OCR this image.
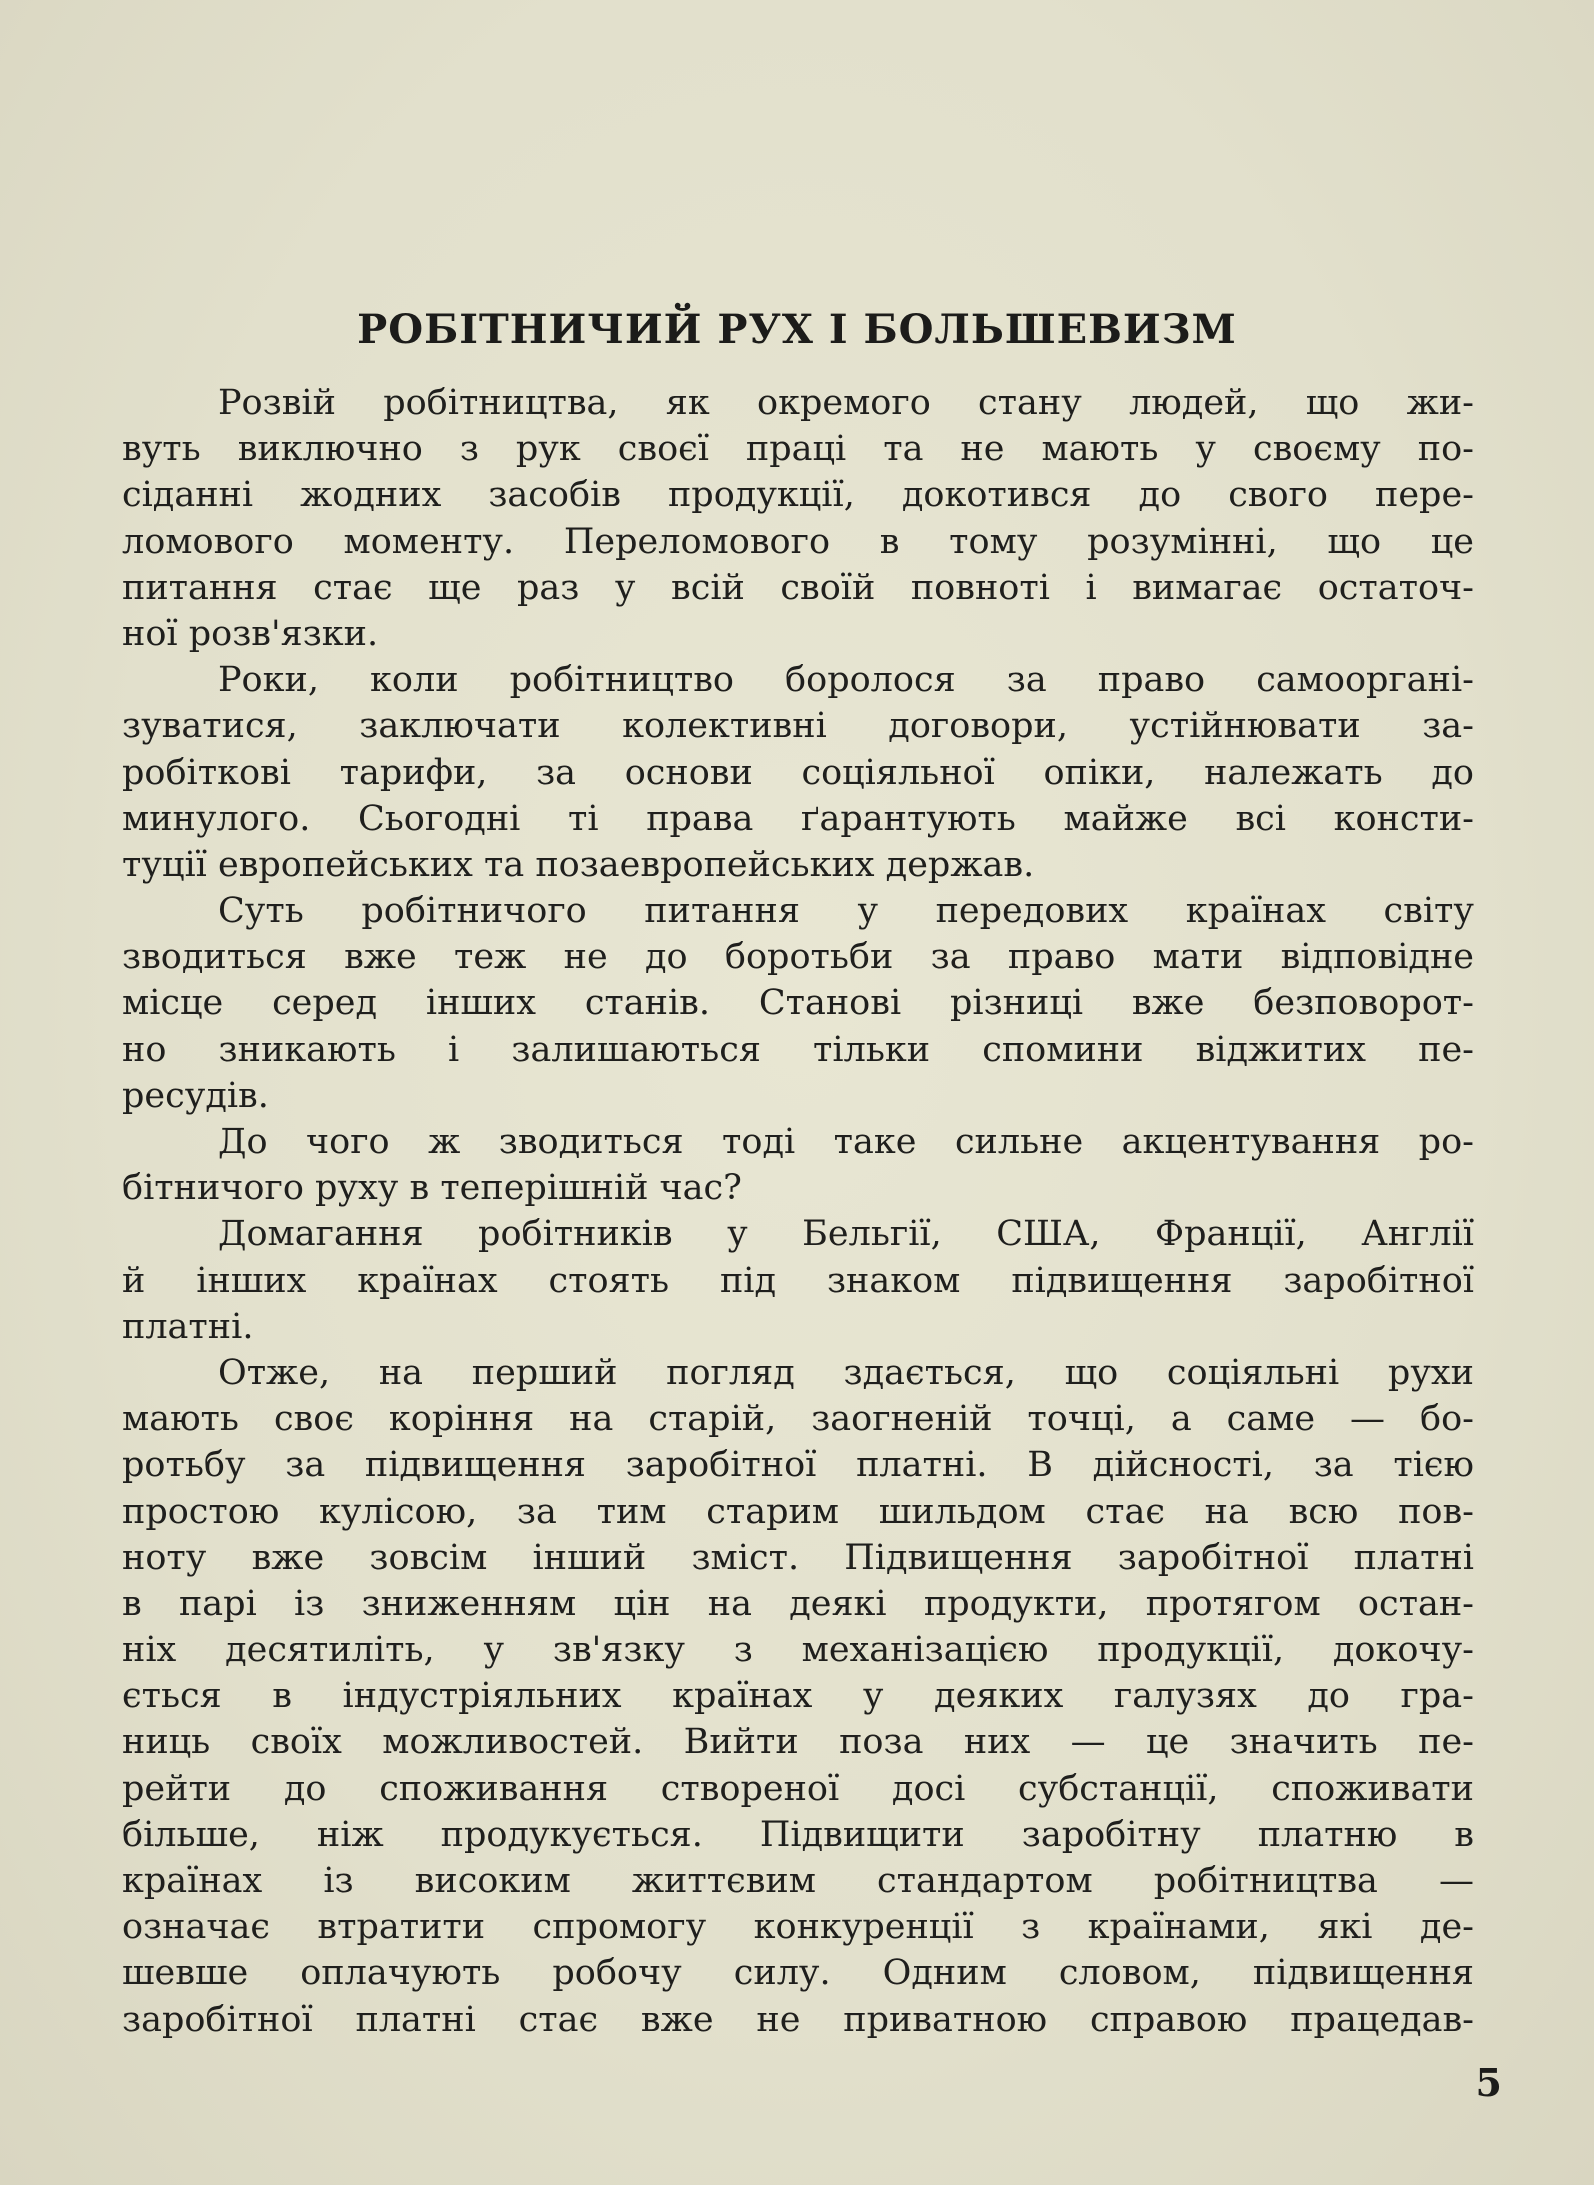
РОБІТНИЧИЙ РУХ І БОЛЬШЕВИЗМ
Розвій робітництва, як окремого стану людей, що жи-
вуть виключно з рук своєї праці та не мають у своєму по-
сіданні жодних засобів продукції, докотився до свого пере-
ломового моменту. Переломового в тому розумінні, що це
питання стає ще раз у всій своїй повноті і вимагає остаточ-
ної розв'язки.
Роки, коли робітництво боролося за право самооргані-
зуватися, заключати колективні договори, устійнювати за-
робіткові тарифи, за основи соціяльної опіки, належать до
минулого. Сьогодні ті права ґарантують майже всі консти-
туції европейських та позаевропейських держав.
Суть робітничого питання у передових країнах світу
зводиться вже теж не до боротьби за право мати відповідне
місце серед інших станів. Станові різниці вже безповорот-
но зникають і залишаються тільки спомини віджитих пе-
ресудів.
До чого ж зводиться тоді таке сильне акцентування ро-
бітничого руху в теперішній час?
Домагання робітників у Бельгії, США, Франції, Англії
й інших країнах стоять під знаком підвищення заробітної
платні.
Отже, на перший погляд здається, що соціяльні рухи
мають своє коріння на старій, заогненій точці, а саме — бо-
ротьбу за підвищення заробітної платні. В дійсності, за тією
простою кулісою, за тим старим шильдом стає на всю пов-
ноту вже зовсім інший зміст. Підвищення заробітної платні
в парі із зниженням цін на деякі продукти, протягом остан-
ніх десятиліть, у зв'язку з механізацією продукції, докочу-
ється в індустріяльних країнах у деяких галузях до гра-
ниць своїх можливостей. Вийти поза них — це значить пе-
рейти до споживання створеної досі субстанції, споживати
більше, ніж продукується. Підвищити заробітну платню в
країнах із високим життєвим стандартом робітництва —
означає втратити спромогу конкуренції з країнами, які де-
шевше оплачують робочу силу. Одним словом, підвищення
заробітної платні стає вже не приватною справою працедав-
5
